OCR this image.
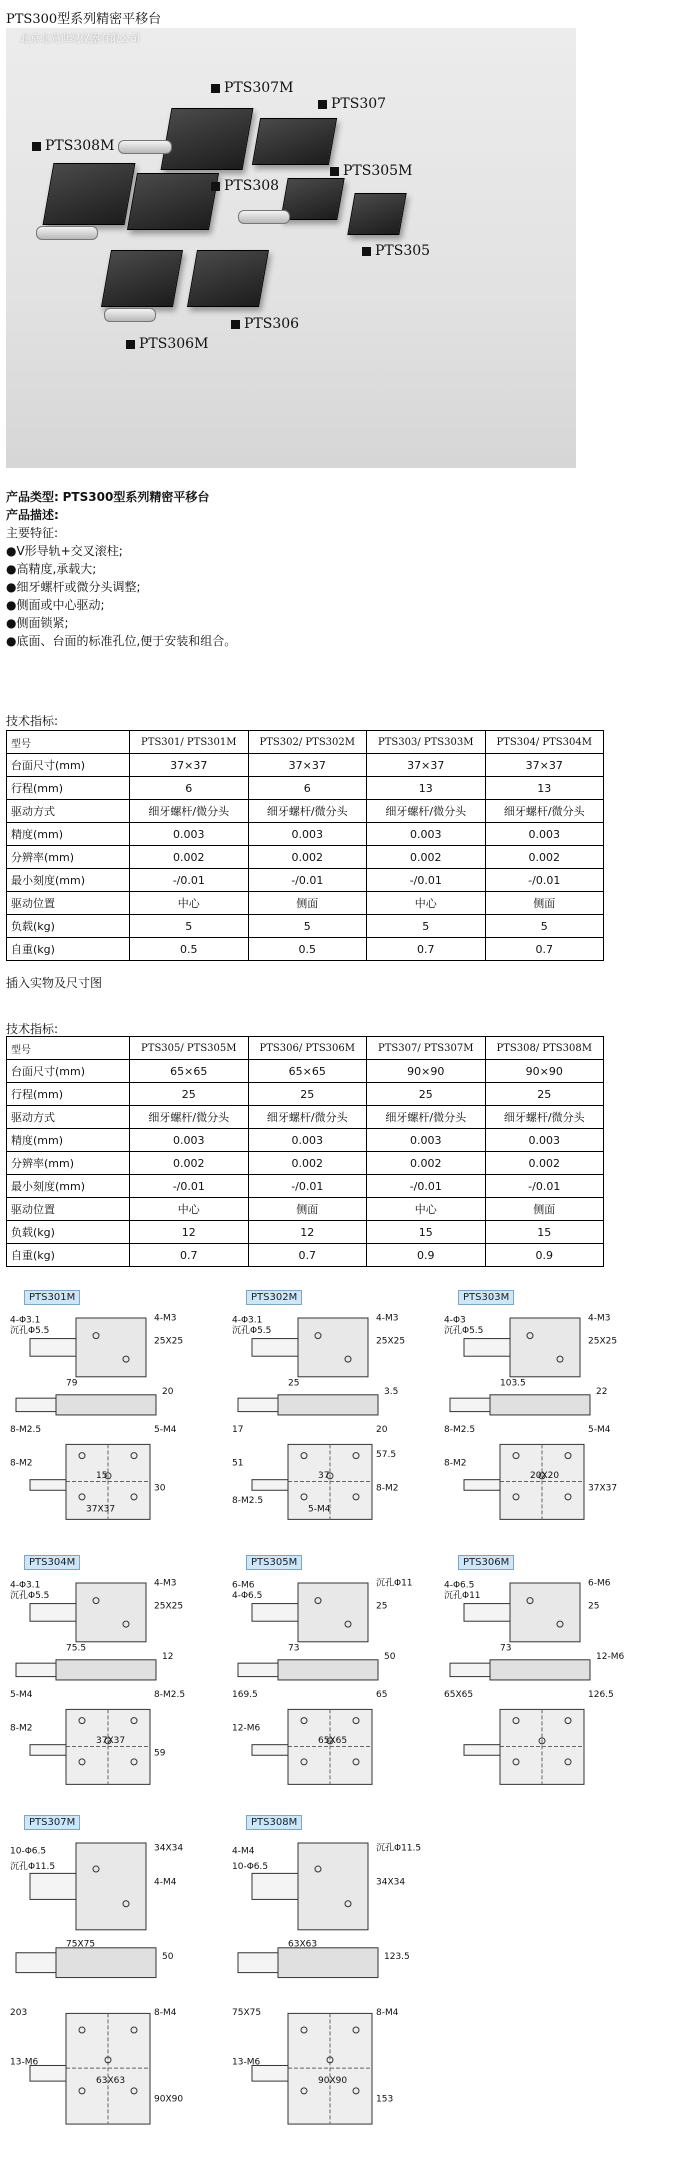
PTS300型系列精密平移台
北京北光世纪仪器有限公司
PTS307M
PTS307
PTS308M
PTS305M
PTS308
PTS305
PTS306
PTS306M
产品类型: PTS300型系列精密平移台
产品描述:
主要特征:
●V形导轨+交叉滚柱;
●高精度,承载大;
●细牙螺杆或微分头调整;
●侧面或中心驱动;
●侧面锁紧;
●底面、台面的标准孔位,便于安装和组合。
技术指标:
型号	PTS301/ PTS301M	PTS302/ PTS302M	PTS303/ PTS303M	PTS304/ PTS304M
台面尺寸(mm)	37×37	37×37	37×37	37×37
行程(mm)	6	6	13	13
驱动方式	细牙螺杆/微分头	细牙螺杆/微分头	细牙螺杆/微分头	细牙螺杆/微分头
精度(mm)	0.003	0.003	0.003	0.003
分辨率(mm)	0.002	0.002	0.002	0.002
最小刻度(mm)	-/0.01	-/0.01	-/0.01	-/0.01
驱动位置	中心	侧面	中心	侧面
负载(kg)	5	5	5	5
自重(kg)	0.5	0.5	0.7	0.7
插入实物及尺寸图
技术指标:
型号	PTS305/ PTS305M	PTS306/ PTS306M	PTS307/ PTS307M	PTS308/ PTS308M
台面尺寸(mm)	65×65	65×65	90×90	90×90
行程(mm)	25	25	25	25
驱动方式	细牙螺杆/微分头	细牙螺杆/微分头	细牙螺杆/微分头	细牙螺杆/微分头
精度(mm)	0.003	0.003	0.003	0.003
分辨率(mm)	0.002	0.002	0.002	0.002
最小刻度(mm)	-/0.01	-/0.01	-/0.01	-/0.01
驱动位置	中心	侧面	中心	侧面
负载(kg)	12	12	15	15
自重(kg)	0.7	0.7	0.9	0.9
PTS301M
4-Φ3.1
沉孔Φ5.5
4-M3
25X25
79
20
8-M2.5	5-M4
8-M2
15
30
37X37
PTS302M
4-Φ3.1
沉孔Φ5.5
4-M3
25X25
25
3.5
17	20
51
37
8-M2
5-M4
8-M2.5
57.5
PTS303M
4-Φ3
沉孔Φ5.5
4-M3
25X25
103.5
22
8-M2.5	5-M4
8-M2
20X20
37X37
PTS304M
4-Φ3.1
沉孔Φ5.5
4-M3
25X25
75.5
12
5-M4	8-M2.5
8-M2
37X37
59
PTS305M
6-M6
4-Φ6.5
沉孔Φ11
25
73
50
169.5	65
12-M6
65X65
PTS306M
4-Φ6.5
沉孔Φ11
6-M6
25
73
12-M6
65X65	126.5
PTS307M
10-Φ6.5
沉孔Φ11.5
34X34
4-M4
75X75
50
203	8-M4
13-M6
63X63
90X90
PTS308M
4-M4
10-Φ6.5
沉孔Φ11.5
34X34
63X63
123.5
75X75	8-M4
13-M6
90X90
153
